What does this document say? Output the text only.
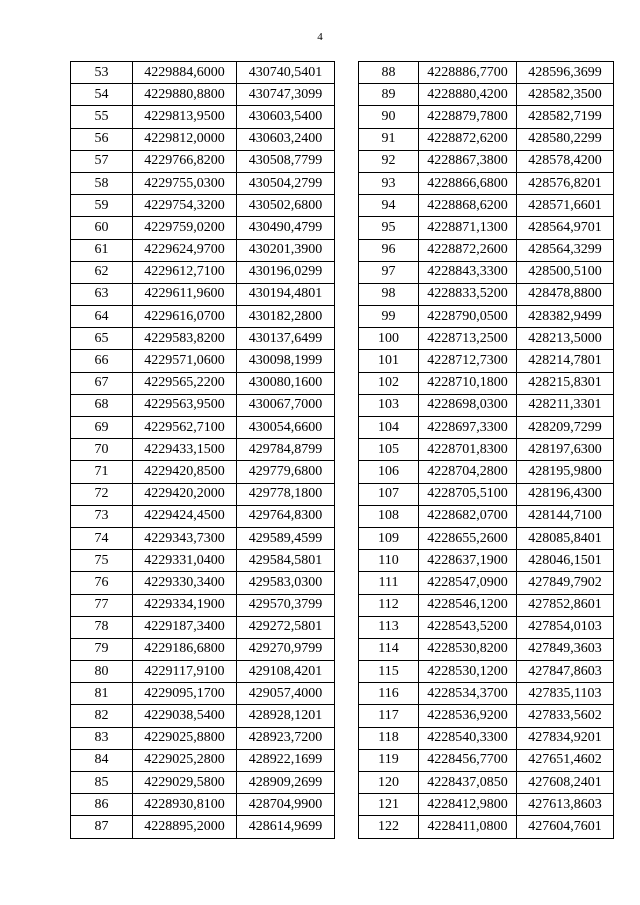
4
53	4229884,6000	430740,5401
54	4229880,8800	430747,3099
55	4229813,9500	430603,5400
56	4229812,0000	430603,2400
57	4229766,8200	430508,7799
58	4229755,0300	430504,2799
59	4229754,3200	430502,6800
60	4229759,0200	430490,4799
61	4229624,9700	430201,3900
62	4229612,7100	430196,0299
63	4229611,9600	430194,4801
64	4229616,0700	430182,2800
65	4229583,8200	430137,6499
66	4229571,0600	430098,1999
67	4229565,2200	430080,1600
68	4229563,9500	430067,7000
69	4229562,7100	430054,6600
70	4229433,1500	429784,8799
71	4229420,8500	429779,6800
72	4229420,2000	429778,1800
73	4229424,4500	429764,8300
74	4229343,7300	429589,4599
75	4229331,0400	429584,5801
76	4229330,3400	429583,0300
77	4229334,1900	429570,3799
78	4229187,3400	429272,5801
79	4229186,6800	429270,9799
80	4229117,9100	429108,4201
81	4229095,1700	429057,4000
82	4229038,5400	428928,1201
83	4229025,8800	428923,7200
84	4229025,2800	428922,1699
85	4229029,5800	428909,2699
86	4228930,8100	428704,9900
87	4228895,2000	428614,9699
88	4228886,7700	428596,3699
89	4228880,4200	428582,3500
90	4228879,7800	428582,7199
91	4228872,6200	428580,2299
92	4228867,3800	428578,4200
93	4228866,6800	428576,8201
94	4228868,6200	428571,6601
95	4228871,1300	428564,9701
96	4228872,2600	428564,3299
97	4228843,3300	428500,5100
98	4228833,5200	428478,8800
99	4228790,0500	428382,9499
100	4228713,2500	428213,5000
101	4228712,7300	428214,7801
102	4228710,1800	428215,8301
103	4228698,0300	428211,3301
104	4228697,3300	428209,7299
105	4228701,8300	428197,6300
106	4228704,2800	428195,9800
107	4228705,5100	428196,4300
108	4228682,0700	428144,7100
109	4228655,2600	428085,8401
110	4228637,1900	428046,1501
111	4228547,0900	427849,7902
112	4228546,1200	427852,8601
113	4228543,5200	427854,0103
114	4228530,8200	427849,3603
115	4228530,1200	427847,8603
116	4228534,3700	427835,1103
117	4228536,9200	427833,5602
118	4228540,3300	427834,9201
119	4228456,7700	427651,4602
120	4228437,0850	427608,2401
121	4228412,9800	427613,8603
122	4228411,0800	427604,7601
